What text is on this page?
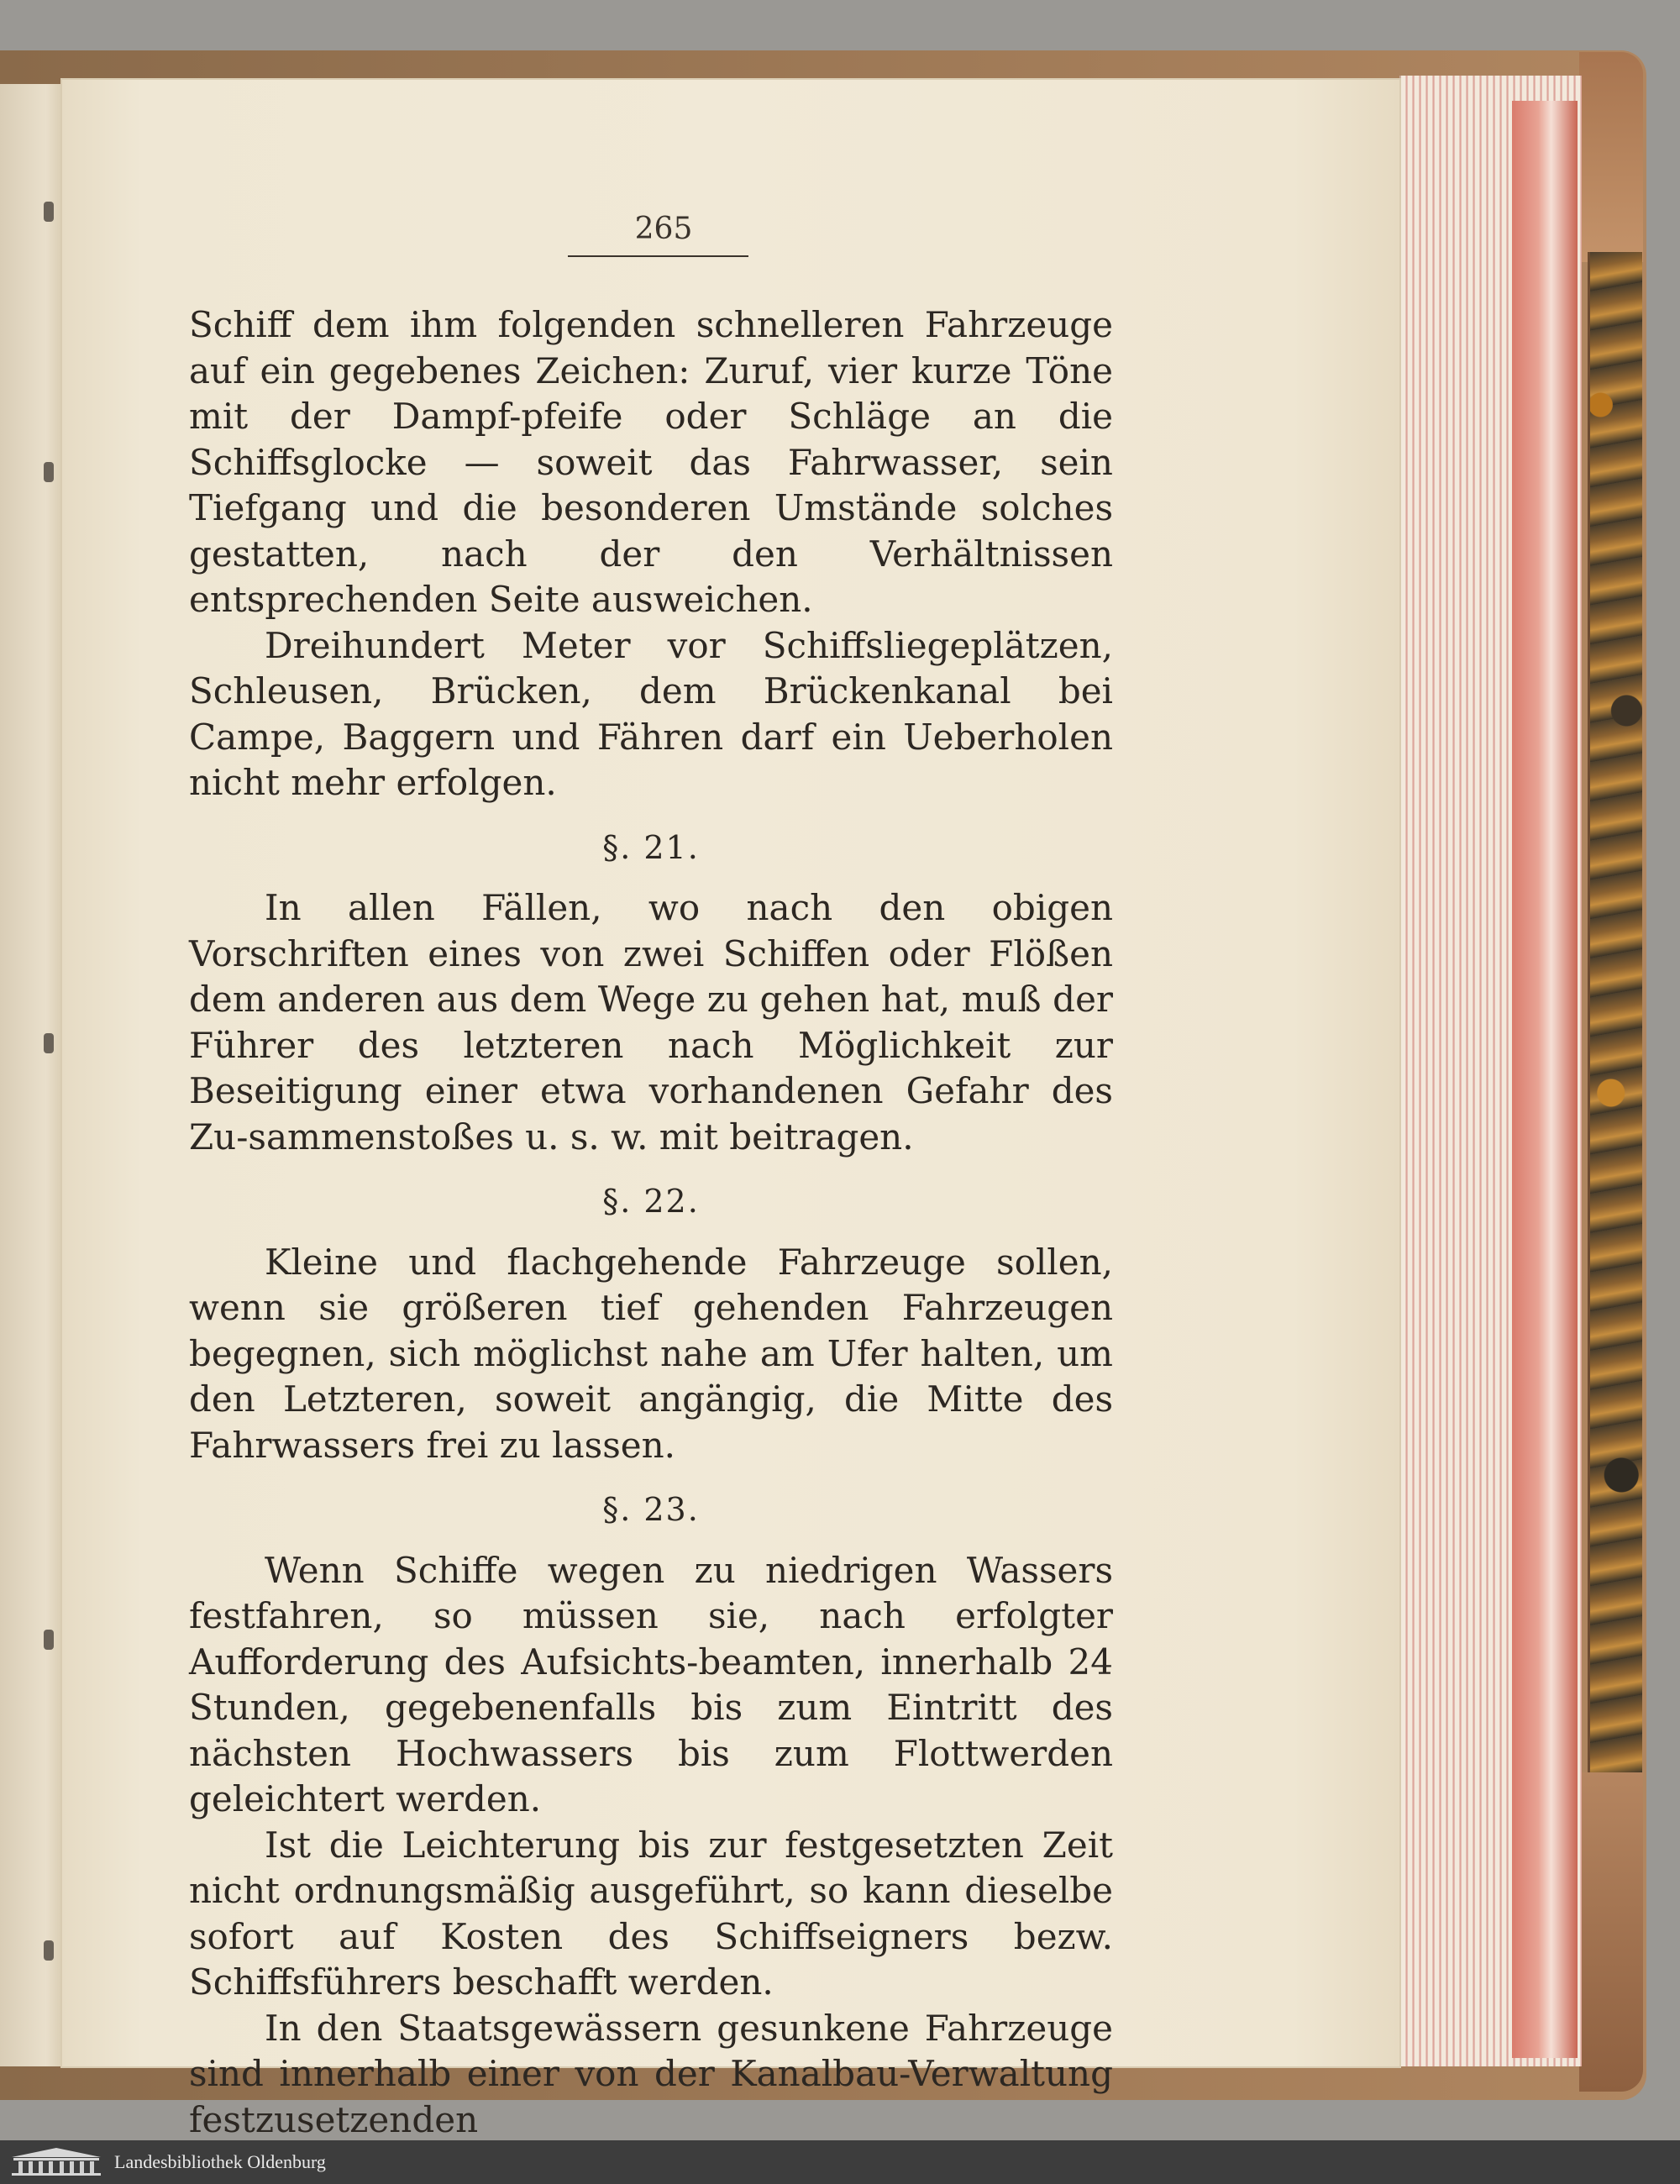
265

Schiff dem ihm folgenden schnelleren Fahrzeuge auf ein gegebenes Zeichen: Zuruf, vier kurze Töne mit der Dampf-pfeife oder Schläge an die Schiffsglocke — soweit das Fahrwasser, sein Tiefgang und die besonderen Umstände solches gestatten, nach der den Verhältnissen entsprechenden Seite ausweichen.

Dreihundert Meter vor Schiffsliegeplätzen, Schleusen, Brücken, dem Brückenkanal bei Campe, Baggern und Fähren darf ein Ueberholen nicht mehr erfolgen.

§. 21.

In allen Fällen, wo nach den obigen Vorschriften eines von zwei Schiffen oder Flößen dem anderen aus dem Wege zu gehen hat, muß der Führer des letzteren nach Möglichkeit zur Beseitigung einer etwa vorhandenen Gefahr des Zu-sammenstoßes u. s. w. mit beitragen.

§. 22.

Kleine und flachgehende Fahrzeuge sollen, wenn sie größeren tief gehenden Fahrzeugen begegnen, sich möglichst nahe am Ufer halten, um den Letzteren, soweit angängig, die Mitte des Fahrwassers frei zu lassen.

§. 23.

Wenn Schiffe wegen zu niedrigen Wassers festfahren, so müssen sie, nach erfolgter Aufforderung des Aufsichts-beamten, innerhalb 24 Stunden, gegebenenfalls bis zum Eintritt des nächsten Hochwassers bis zum Flottwerden geleichtert werden.

Ist die Leichterung bis zur festgesetzten Zeit nicht ordnungsmäßig ausgeführt, so kann dieselbe sofort auf Kosten des Schiffseigners bezw. Schiffsführers beschafft werden.

In den Staatsgewässern gesunkene Fahrzeuge sind innerhalb einer von der Kanalbau-Verwaltung festzusetzenden

Landesbibliothek Oldenburg
